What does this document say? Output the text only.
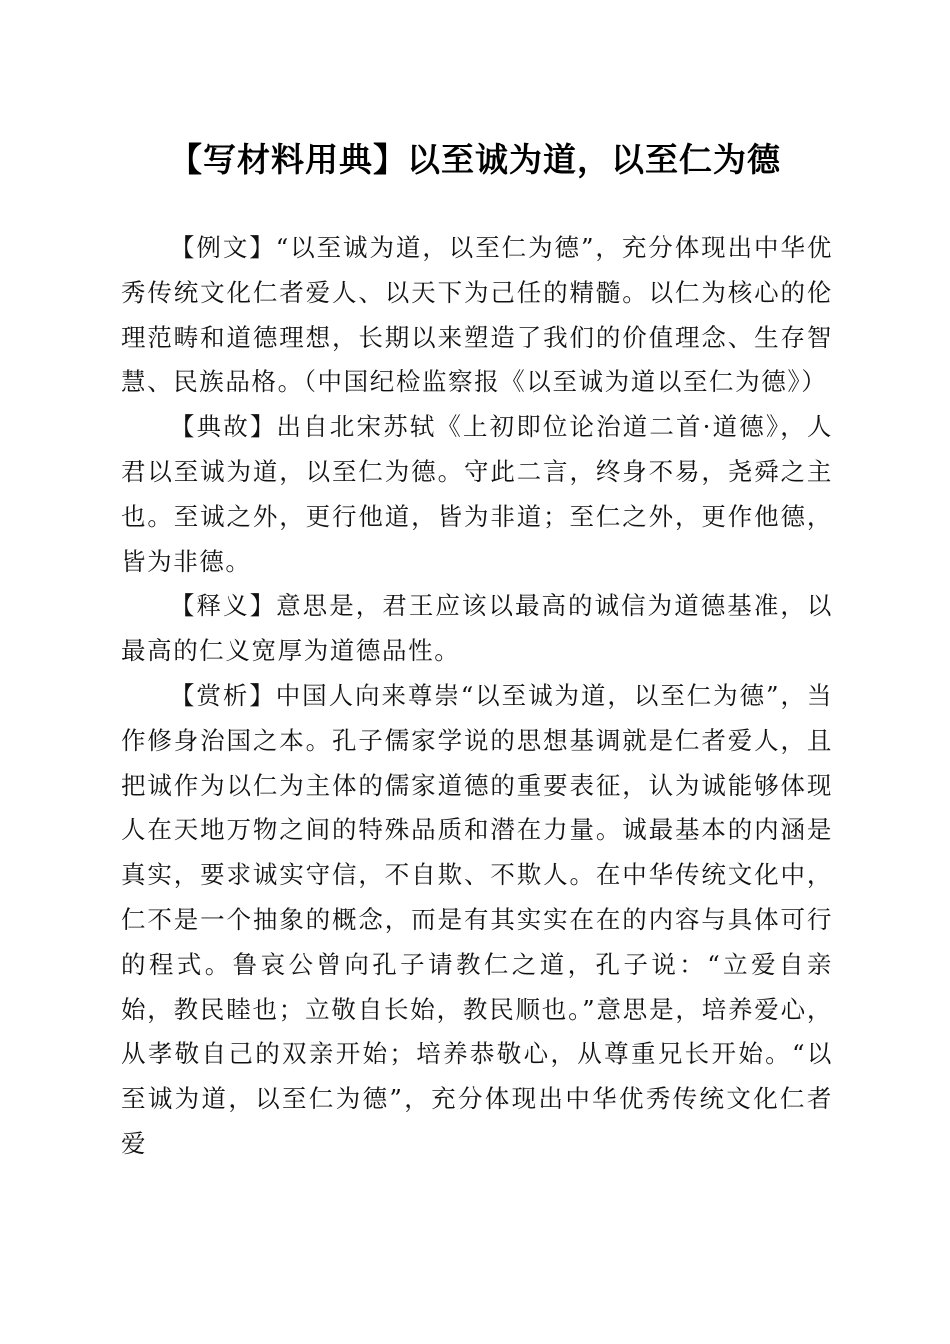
【写材料用典】以至诚为道，以至仁为德

【例文】“以至诚为道，以至仁为德”，充分体现出中华优秀传统文化仁者爱人、以天下为己任的精髓。以仁为核心的伦理范畴和道德理想，长期以来塑造了我们的价值理念、生存智慧、民族品格。（中国纪检监察报《以至诚为道以至仁为德》）

【典故】出自北宋苏轼《上初即位论治道二首·道德》，人君以至诚为道，以至仁为德。守此二言，终身不易，尧舜之主也。至诚之外，更行他道，皆为非道；至仁之外，更作他德，皆为非德。

【释义】意思是，君王应该以最高的诚信为道德基准，以最高的仁义宽厚为道德品性。

【赏析】中国人向来尊崇“以至诚为道，以至仁为德”，当作修身治国之本。孔子儒家学说的思想基调就是仁者爱人，且把诚作为以仁为主体的儒家道德的重要表征，认为诚能够体现人在天地万物之间的特殊品质和潜在力量。诚最基本的内涵是真实，要求诚实守信，不自欺、不欺人。在中华传统文化中，仁不是一个抽象的概念，而是有其实实在在的内容与具体可行的程式。鲁哀公曾向孔子请教仁之道，孔子说：“立爱自亲始，教民睦也；立敬自长始，教民顺也。”意思是，培养爱心，从孝敬自己的双亲开始；培养恭敬心，从尊重兄长开始。“以至诚为道，以至仁为德”，充分体现出中华优秀传统文化仁者爱
